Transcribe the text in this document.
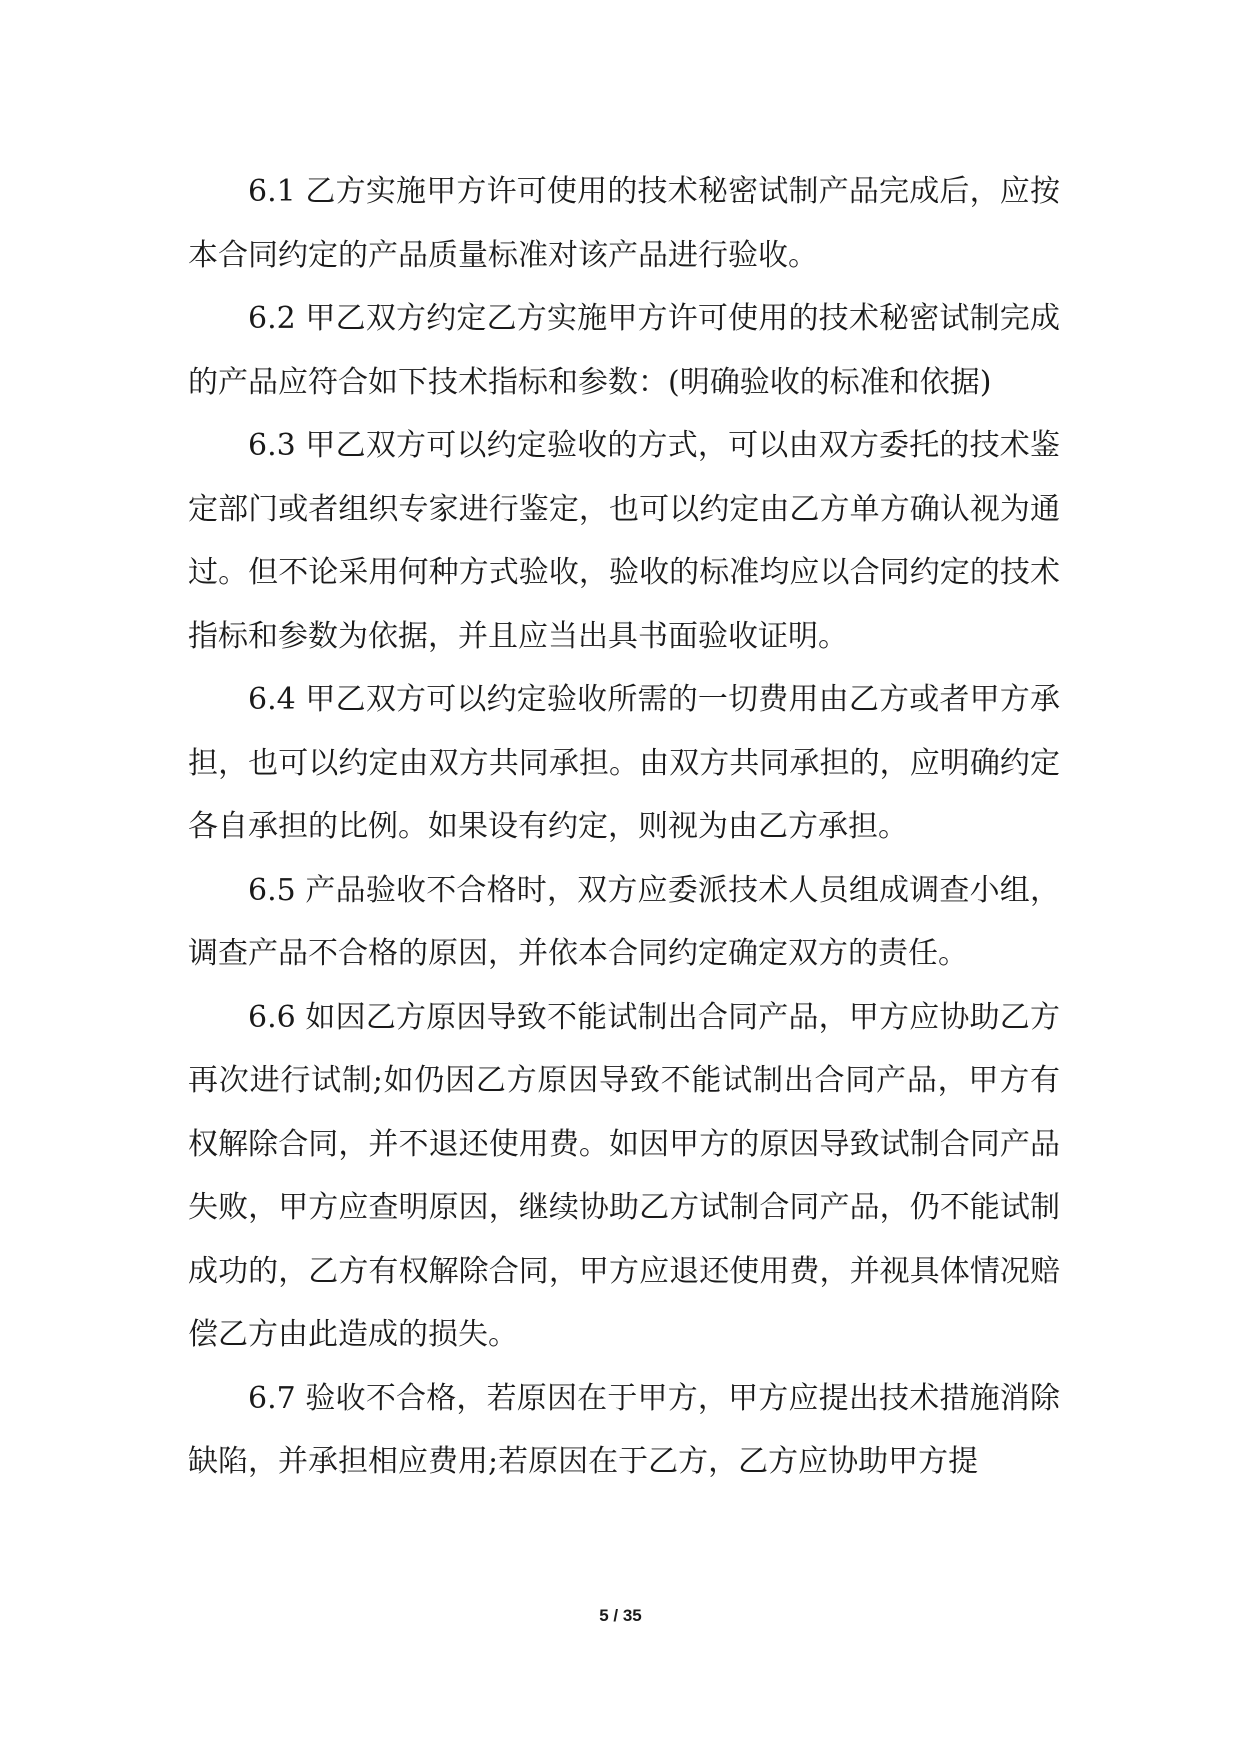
6.1 乙方实施甲方许可使用的技术秘密试制产品完成后，应按本合同约定的产品质量标准对该产品进行验收。

6.2 甲乙双方约定乙方实施甲方许可使用的技术秘密试制完成的产品应符合如下技术指标和参数：(明确验收的标准和依据)

6.3 甲乙双方可以约定验收的方式，可以由双方委托的技术鉴定部门或者组织专家进行鉴定，也可以约定由乙方单方确认视为通过。但不论采用何种方式验收，验收的标准均应以合同约定的技术指标和参数为依据，并且应当出具书面验收证明。

6.4 甲乙双方可以约定验收所需的一切费用由乙方或者甲方承担，也可以约定由双方共同承担。由双方共同承担的，应明确约定各自承担的比例。如果设有约定，则视为由乙方承担。

6.5 产品验收不合格时，双方应委派技术人员组成调查小组，调查产品不合格的原因，并依本合同约定确定双方的责任。

6.6 如因乙方原因导致不能试制出合同产品，甲方应协助乙方再次进行试制;如仍因乙方原因导致不能试制出合同产品，甲方有权解除合同，并不退还使用费。如因甲方的原因导致试制合同产品失败，甲方应查明原因，继续协助乙方试制合同产品，仍不能试制成功的，乙方有权解除合同，甲方应退还使用费，并视具体情况赔偿乙方由此造成的损失。

6.7 验收不合格，若原因在于甲方，甲方应提出技术措施消除缺陷，并承担相应费用;若原因在于乙方，乙方应协助甲方提

5 / 35
